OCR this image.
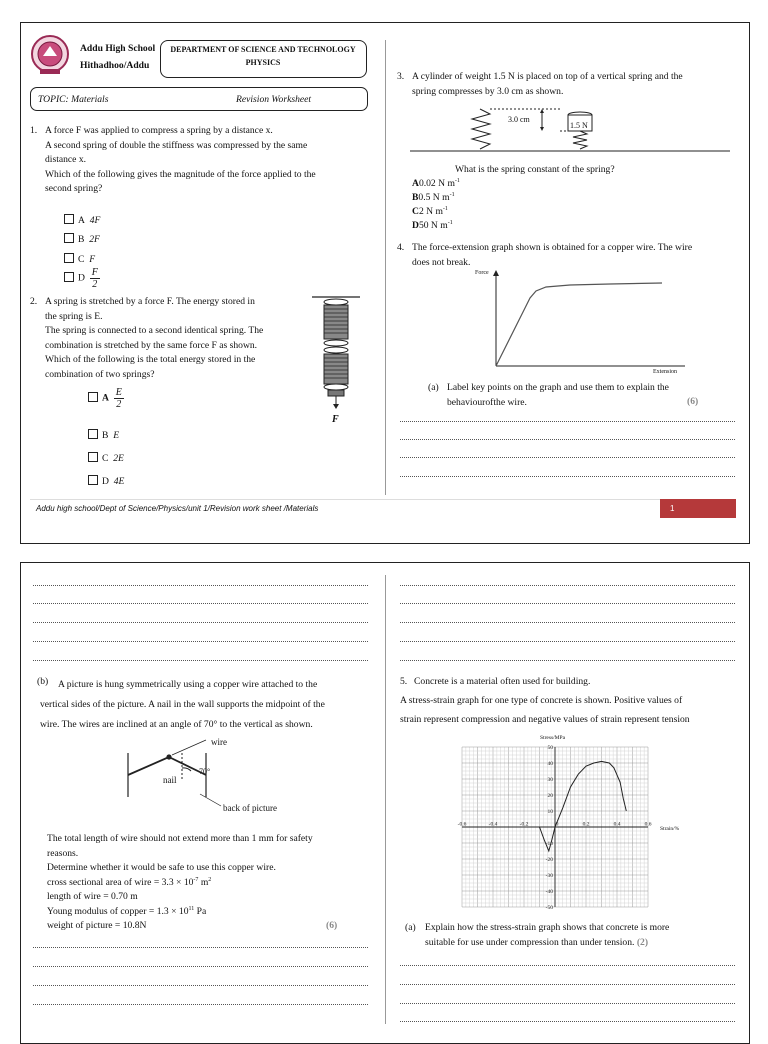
Addu High School
Hithadhoo/Addu
DEPARTMENT OF SCIENCE AND TECHNOLOGY
PHYSICS
TOPIC: Materials	Revision Worksheet
1. A force F was applied to compress a spring by a distance x.
A second spring of double the stiffness was compressed by the same
distance x.
Which of the following gives the magnitude of the force applied to the
second spring?
A 4F
B 2F
C F
D $\frac{F}{2}$
2. A spring is stretched by a force F. The energy stored in
the spring is E.
The spring is connected to a second identical spring. The
combination is stretched by the same force F as shown.
Which of the following is the total energy stored in the
combination of two springs?
A $\frac{E}{2}$
B E
C 2E
D 4E
F
3. A cylinder of weight 1.5 N is placed on top of a vertical spring and the
spring compresses by 3.0 cm as shown.
3.0 cm
1.5 N
What is the spring constant of the spring?
A0.02 N $m^{-1}$
B0.5 N $m^{-1}$
C2 N $m^{-1}$
D50 N $m^{-1}$
4. The force-extension graph shown is obtained for a copper wire. The wire
does not break.
Force
Extension
(a) Label key points on the graph and use them to explain the
behaviourofthe wire.	(6)
Addu high school/Dept of Science/Physics/unit 1/Revision work sheet /Materials	1
(b)	A picture is hung symmetrically using a copper wire attached to the
vertical sides of the picture. A nail in the wall supports the midpoint of the
wire. The wires are inclined at an angle of 70° to the vertical as shown.
wire
nail
70°
back of picture
The total length of wire should not extend more than 1 mm for safety
reasons.
Determine whether it would be safe to use this copper wire.
cross sectional area of wire = $3.3 \times 10^{-7}$ $m^2$
length of wire = 0.70 m
Young modulus of copper = $1.3 \times 10^{11}$ Pa
weight of picture = 10.8N	(6)
5. Concrete is a material often used for building.
A stress-strain graph for one type of concrete is shown. Positive values of
strain represent compression and negative values of strain represent tension
-0.6	-0.4	-0.2	0	0.2	0.4	0.6
50
40
30
20
10
-10
-20
-30
-40
-50
Stress/MPa
Strain/%
(a) Explain how the stress-strain graph shows that concrete is more
suitable for use under compression than under tension. (2)
